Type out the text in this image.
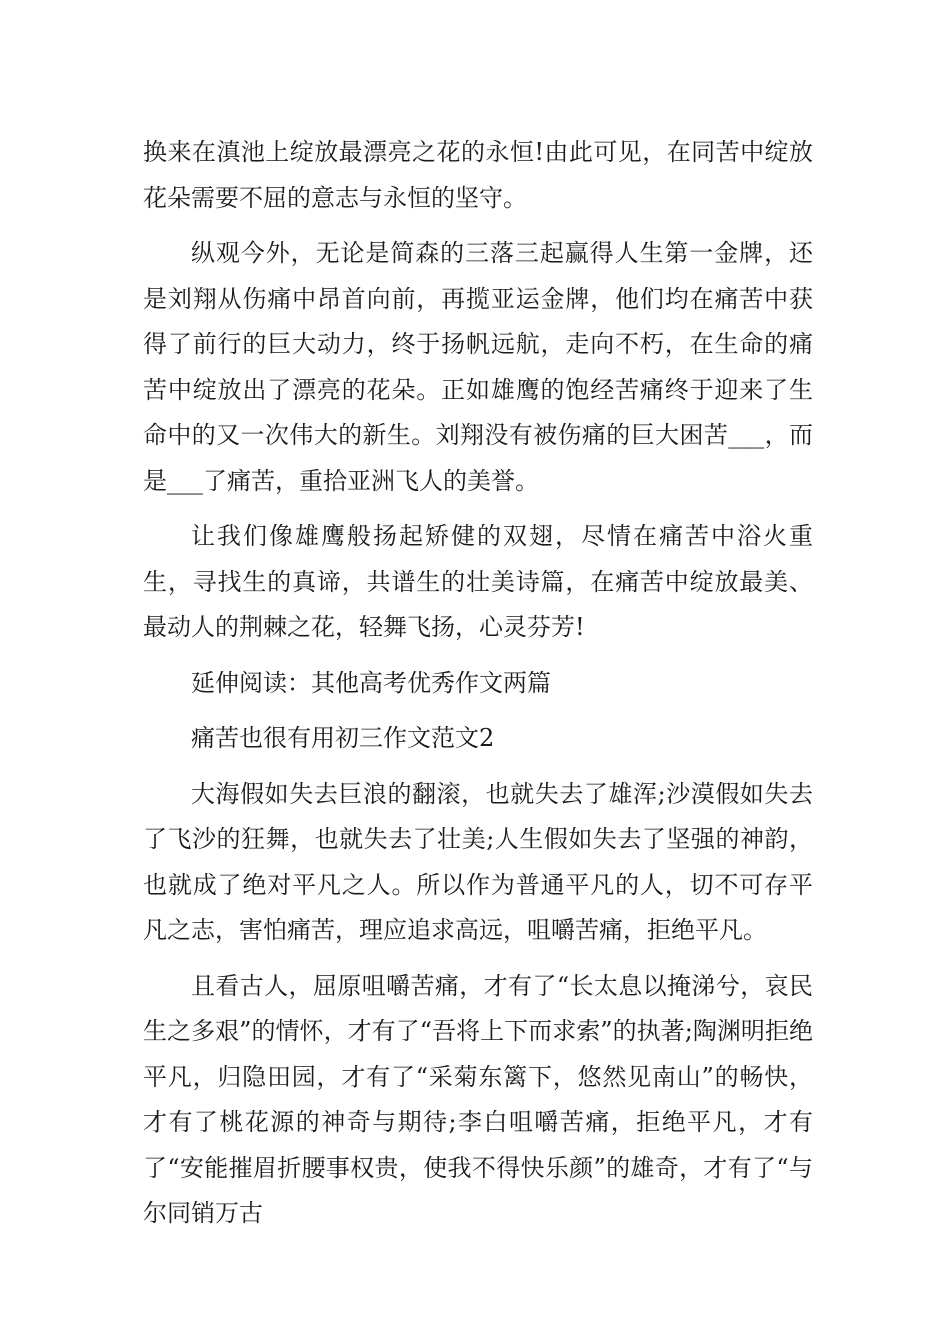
换来在滇池上绽放最漂亮之花的永恒!由此可见，在同苦中绽放花朵需要不屈的意志与永恒的坚守。

纵观今外，无论是简森的三落三起赢得人生第一金牌，还是刘翔从伤痛中昂首向前，再揽亚运金牌，他们均在痛苦中获得了前行的巨大动力，终于扬帆远航，走向不朽，在生命的痛苦中绽放出了漂亮的花朵。正如雄鹰的饱经苦痛终于迎来了生命中的又一次伟大的新生。刘翔没有被伤痛的巨大困苦___，而是___了痛苦，重拾亚洲飞人的美誉。

让我们像雄鹰般扬起矫健的双翅，尽情在痛苦中浴火重生，寻找生的真谛，共谱生的壮美诗篇，在痛苦中绽放最美、最动人的荆棘之花，轻舞飞扬，心灵芬芳!

延伸阅读：其他高考优秀作文两篇

痛苦也很有用初三作文范文2

大海假如失去巨浪的翻滚，也就失去了雄浑;沙漠假如失去了飞沙的狂舞，也就失去了壮美;人生假如失去了坚强的神韵，也就成了绝对平凡之人。所以作为普通平凡的人，切不可存平凡之志，害怕痛苦，理应追求高远，咀嚼苦痛，拒绝平凡。

且看古人，屈原咀嚼苦痛，才有了“长太息以掩涕兮，哀民生之多艰”的情怀，才有了“吾将上下而求索”的执著;陶渊明拒绝平凡，归隐田园，才有了“采菊东篱下，悠然见南山”的畅快，才有了桃花源的神奇与期待;李白咀嚼苦痛，拒绝平凡，才有了“安能摧眉折腰事权贵，使我不得快乐颜”的雄奇，才有了“与尔同销万古
